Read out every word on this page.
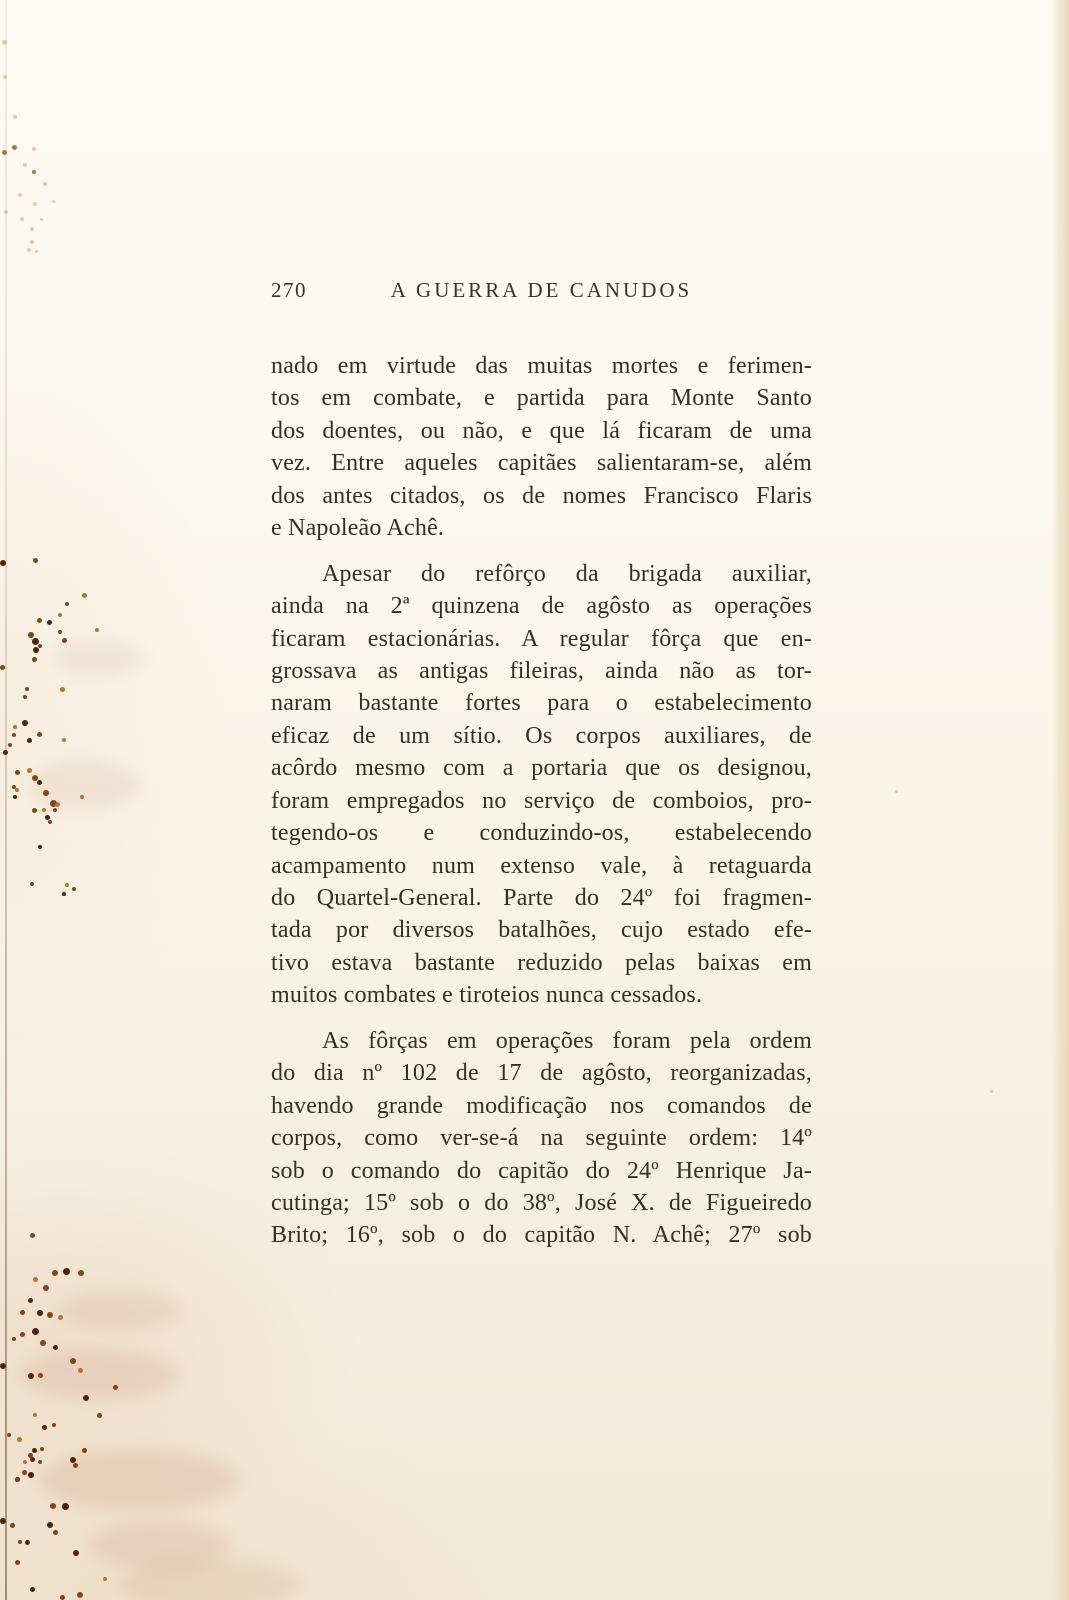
270	A GUERRA DE CANUDOS
nado em virtude das muitas mortes e ferimen-
tos em combate, e partida para Monte Santo
dos doentes, ou não, e que lá ficaram de uma
vez. Entre aqueles capitães salientaram-se, além
dos antes citados, os de nomes Francisco Flaris
e Napoleão Achê.
Apesar do refôrço da brigada auxiliar,
ainda na 2ª quinzena de agôsto as operações
ficaram estacionárias. A regular fôrça que en-
grossava as antigas fileiras, ainda não as tor-
naram bastante fortes para o estabelecimento
eficaz de um sítio. Os corpos auxiliares, de
acôrdo mesmo com a portaria que os designou,
foram empregados no serviço de comboios, pro-
tegendo-os e conduzindo-os, estabelecendo
acampamento num extenso vale, à retaguarda
do Quartel-General. Parte do 24º foi fragmen-
tada por diversos batalhões, cujo estado efe-
tivo estava bastante reduzido pelas baixas em
muitos combates e tiroteios nunca cessados.
As fôrças em operações foram pela ordem
do dia nº 102 de 17 de agôsto, reorganizadas,
havendo grande modificação nos comandos de
corpos, como ver-se-á na seguinte ordem: 14º
sob o comando do capitão do 24º Henrique Ja-
cutinga; 15º sob o do 38º, José X. de Figueiredo
Brito; 16º, sob o do capitão N. Achê; 27º sob
